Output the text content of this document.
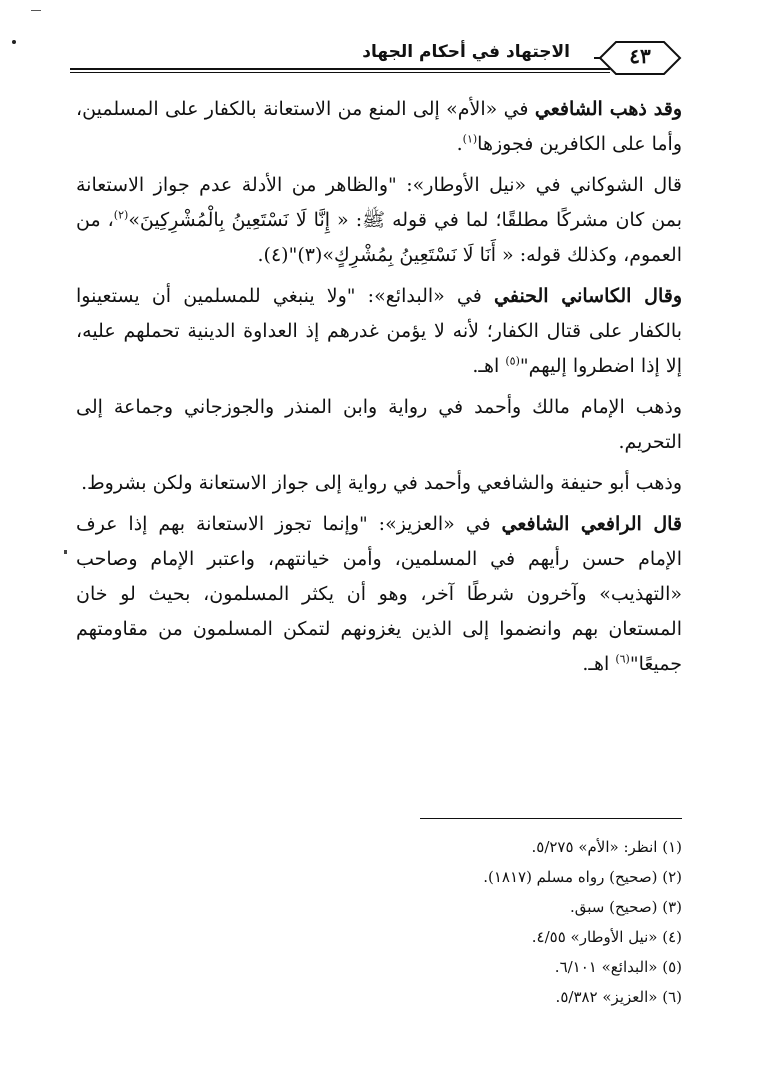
الاجتهاد في أحكام الجهاد	٤٣

وقد ذهب الشافعي في «الأم» إلى المنع من الاستعانة بالكفار على المسلمين، وأما على الكافرين فجوزها$^{(١)}$.

قال الشوكاني في «نيل الأوطار»: "والظاهر من الأدلة عدم جواز الاستعانة بمن كان مشركًا مطلقًا؛ لما في قوله ﷺ: « إِنَّا لَا نَسْتَعِينُ بِالْمُشْرِكِينَ»$^{(٢)}$، من العموم، وكذلك قوله: « أَنَا لَا نَسْتَعِينُ بِمُشْرِكٍ»(٣)"(٤).

وقال الكاساني الحنفي في «البدائع»: "ولا ينبغي للمسلمين أن يستعينوا بالكفار على قتال الكفار؛ لأنه لا يؤمن غدرهم إذ العداوة الدينية تحملهم عليه، إلا إذا اضطروا إليهم"$^{(٥)}$ اهـ.

وذهب الإمام مالك وأحمد في رواية وابن المنذر والجوزجاني وجماعة إلى التحريم.

وذهب أبو حنيفة والشافعي وأحمد في رواية إلى جواز الاستعانة ولكن بشروط.

قال الرافعي الشافعي في «العزيز»: "وإنما تجوز الاستعانة بهم إذا عرف الإمام حسن رأيهم في المسلمين، وأمن خيانتهم، واعتبر الإمام وصاحب «التهذيب» وآخرون شرطًا آخر، وهو أن يكثر المسلمون، بحيث لو خان المستعان بهم وانضموا إلى الذين يغزونهم لتمكن المسلمون من مقاومتهم جميعًا"$^{(٦)}$ اهـ.

(١) انظر: «الأم» ٥/٢٧٥.
(٢) (صحيح) رواه مسلم (١٨١٧).
(٣) (صحيح) سبق.
(٤) «نيل الأوطار» ٤/٥٥.
(٥) «البدائع» ٦/١٠١.
(٦) «العزيز» ٥/٣٨٢.
